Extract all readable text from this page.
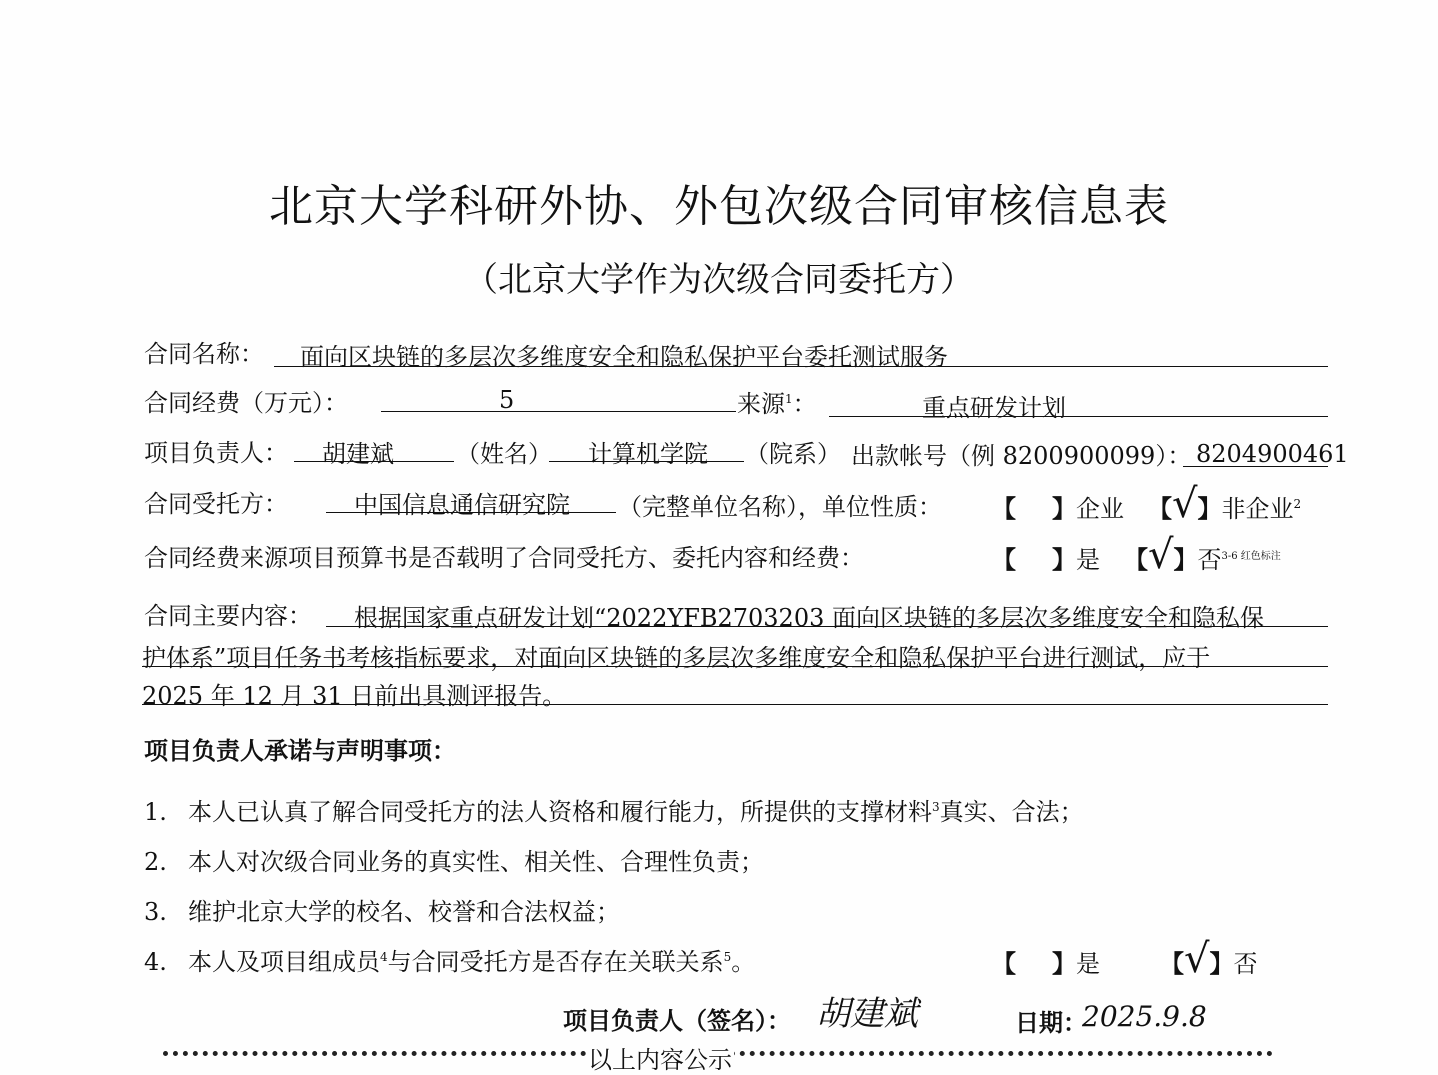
北京大学科研外协、外包次级合同审核信息表
（北京大学作为次级合同委托方）
合同名称： 面向区块链的多层次多维度安全和隐私保护平台委托测试服务
合同经费（万元）：	5	来源$^1$：	重点研发计划
项目负责人： 胡建斌	（姓名） 计算机学院 （院系） 出款帐号（例 8200900099）： 8204900461
合同受托方：	中国信息通信研究院 （完整单位名称），单位性质： 【 】企业 【√】非企业$^2$
合同经费来源项目预算书是否载明了合同受托方、委托内容和经费：	【 】是 【√】否$^{3-6 红色标注}$
合同主要内容： 根据国家重点研发计划“2022YFB2703203 面向区块链的多层次多维度安全和隐私保
护体系”项目任务书考核指标要求，对面向区块链的多层次多维度安全和隐私保护平台进行测试，应于
2025 年 12 月 31 日前出具测评报告。
项目负责人承诺与声明事项：
1. 本人已认真了解合同受托方的法人资格和履行能力，所提供的支撑材料$^3$真实、合法；
2. 本人对次级合同业务的真实性、相关性、合理性负责；
3. 维护北京大学的校名、校誉和合法权益；
4. 本人及项目组成员$^4$与合同受托方是否存在关联关系$^5$。	【 】是	【√】否
项目负责人（签名）： 胡建斌	日期：
2025.9.8
以上内容公示
